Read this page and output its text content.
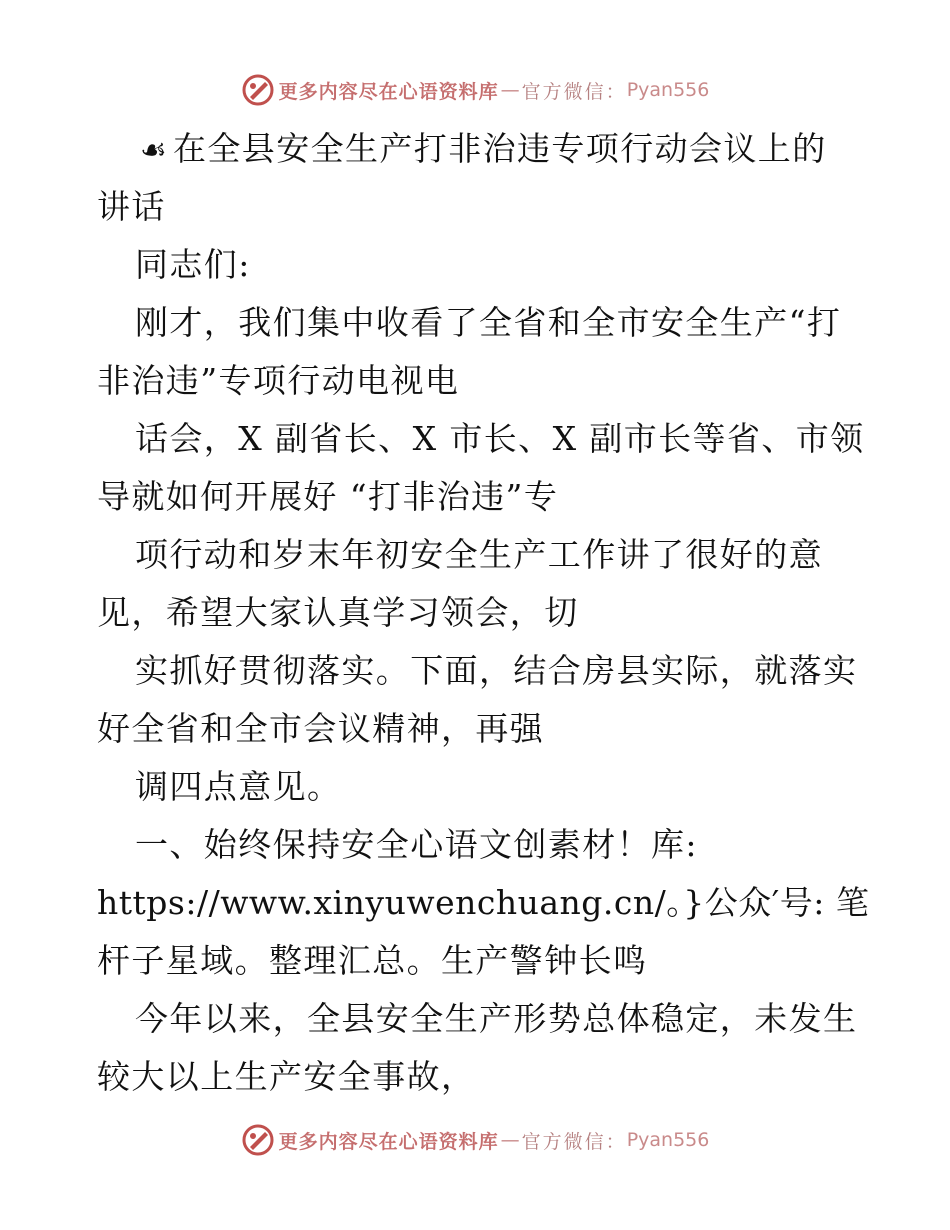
更多内容尽在心语资料库 — 官方微信： Pyan556
☙ 在全县安全生产打非治违专项行动会议上的
讲话
同志们:
刚才，我们集中收看了全省和全市安全生产“打
非治违”专项行动电视电
话会，X 副省长、X 市长、X 副市长等省、市领
导就如何开展好 “打非治违”专
项行动和岁末年初安全生产工作讲了很好的意
见，希望大家认真学习领会，切
实抓好贯彻落实。下面，结合房县实际，就落实
好全省和全市会议精神，再强
调四点意见。
一、始终保持安全心语文创素材！库:
https://www.xinyuwenchuang.cn/。}公众′号: 笔
杆子星域。整理汇总。生产警钟长鸣
今年以来，全县安全生产形势总体稳定，未发生
较大以上生产安全事故，
更多内容尽在心语资料库 — 官方微信： Pyan556
